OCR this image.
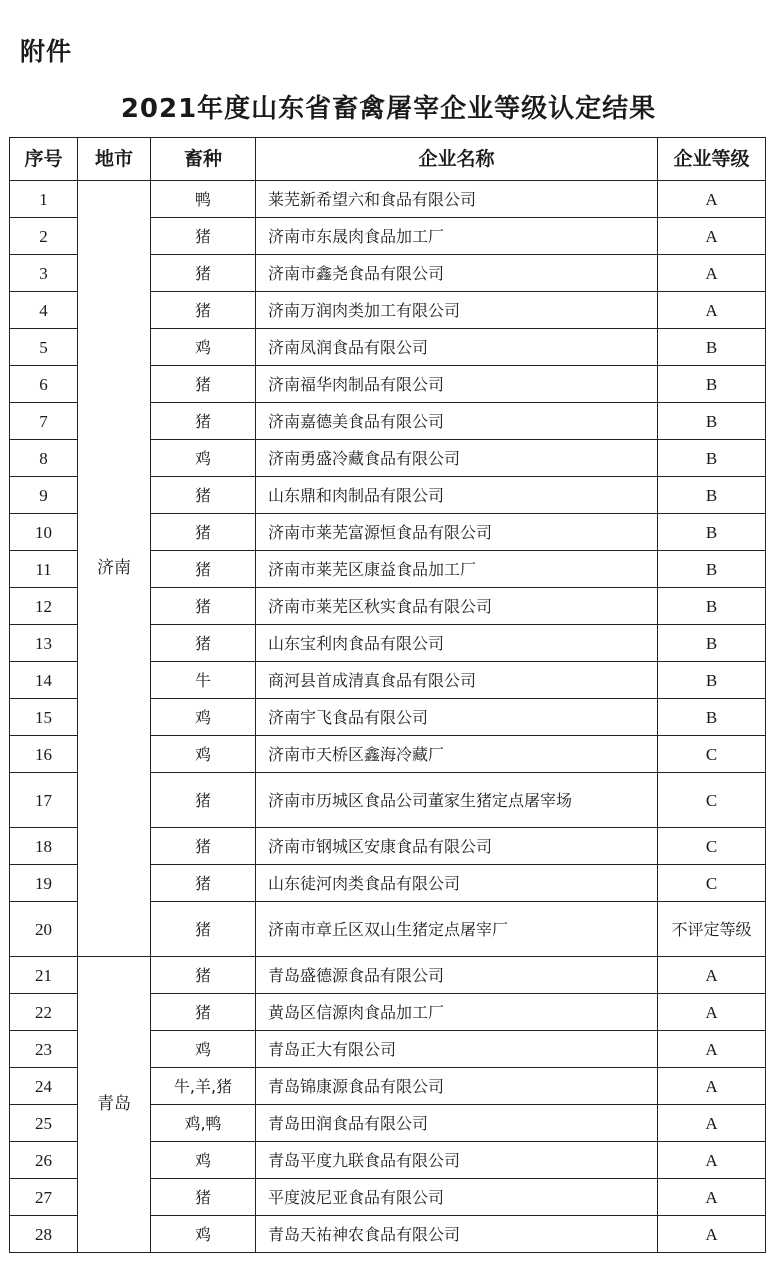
附件
2021年度山东省畜禽屠宰企业等级认定结果
序号	地市	畜种	企业名称	企业等级
1	济南	鸭	莱芜新希望六和食品有限公司	A
2		猪	济南市东晟肉食品加工厂	A
3		猪	济南市鑫尧食品有限公司	A
4		猪	济南万润肉类加工有限公司	A
5		鸡	济南凤润食品有限公司	B
6		猪	济南福华肉制品有限公司	B
7		猪	济南嘉德美食品有限公司	B
8		鸡	济南勇盛冷藏食品有限公司	B
9		猪	山东鼎和肉制品有限公司	B
10		猪	济南市莱芜富源恒食品有限公司	B
11		猪	济南市莱芜区康益食品加工厂	B
12		猪	济南市莱芜区秋实食品有限公司	B
13		猪	山东宝利肉食品有限公司	B
14		牛	商河县首成清真食品有限公司	B
15		鸡	济南宇飞食品有限公司	B
16		鸡	济南市天桥区鑫海冷藏厂	C
17		猪	济南市历城区食品公司董家生猪定点屠宰场	C
18		猪	济南市钢城区安康食品有限公司	C
19		猪	山东徒河肉类食品有限公司	C
20		猪	济南市章丘区双山生猪定点屠宰厂	不评定等级
21	青岛	猪	青岛盛德源食品有限公司	A
22		猪	黄岛区信源肉食品加工厂	A
23		鸡	青岛正大有限公司	A
24		牛,羊,猪	青岛锦康源食品有限公司	A
25		鸡,鸭	青岛田润食品有限公司	A
26		鸡	青岛平度九联食品有限公司	A
27		猪	平度波尼亚食品有限公司	A
28		鸡	青岛天祐神农食品有限公司	A
